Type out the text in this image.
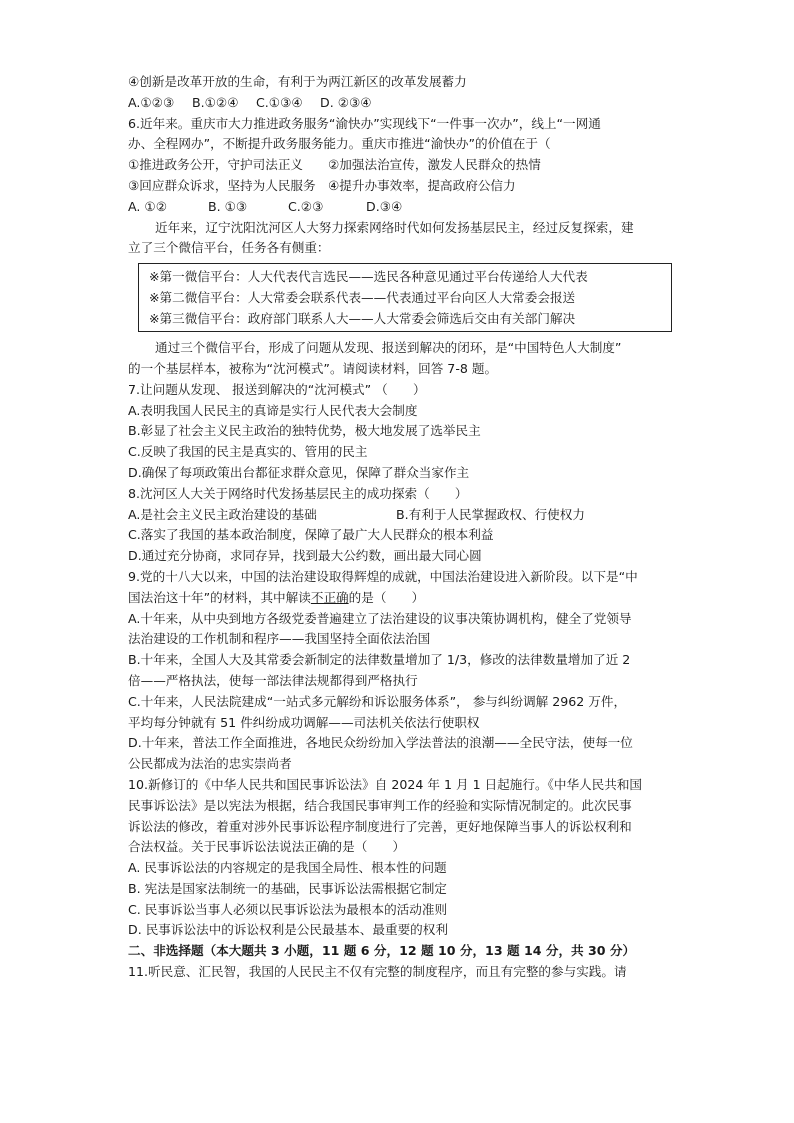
④创新是改革开放的生命，有利于为两江新区的改革发展蓄力
A.①②③	B.①②④	C.①③④	D. ②③④
6.近年来。重庆市大力推进政务服务“渝快办”实现线下“一件事一次办”，线上“一网通
办、全程网办”，不断提升政务服务能力。重庆市推进“渝快办”的价值在于（
①推进政务公开，守护司法正义	②加强法治宣传，激发人民群众的热情
③回应群众诉求，坚持为人民服务 ④提升办事效率，提高政府公信力
A. ①②	B. ①③	C.②③	D.③④
近年来，辽宁沈阳沈河区人大努力探索网络时代如何发扬基层民主，经过反复探索，建
立了三个微信平台，任务各有侧重：
※第一微信平台：人大代表代言选民——选民各种意见通过平台传递给人大代表
※第二微信平台：人大常委会联系代表——代表通过平台向区人大常委会报送
※第三微信平台：政府部门联系人大——人大常委会筛选后交由有关部门解决
通过三个微信平台，形成了问题从发现、报送到解决的闭环，是“中国特色人大制度”
的一个基层样本，被称为“沈河模式”。请阅读材料，回答 7-8 题。
7.让问题从发现、 报送到解决的“沈河模式” （　　）
A.表明我国人民民主的真谛是实行人民代表大会制度
B.彰显了社会主义民主政治的独特优势，极大地发展了选举民主
C.反映了我国的民主是真实的、管用的民主
D.确保了每项政策出台都征求群众意见，保障了群众当家作主
8.沈河区人大关于网络时代发扬基层民主的成功探索（　　）
A.是社会主义民主政治建设的基础	B.有利于人民掌握政权、行使权力
C.落实了我国的基本政治制度，保障了最广大人民群众的根本利益
D.通过充分协商，求同存异，找到最大公约数，画出最大同心圆
9.党的十八大以来，中国的法治建设取得辉煌的成就，中国法治建设进入新阶段。以下是“中
国法治这十年”的材料，其中解读不正确的是（　　）
A.十年来，从中央到地方各级党委普遍建立了法治建设的议事决策协调机构，健全了党领导
法治建设的工作机制和程序——我国坚持全面依法治国
B.十年来，全国人大及其常委会新制定的法律数量增加了 1/3，修改的法律数量增加了近 2
倍——严格执法，使每一部法律法规都得到严格执行
C.十年来，人民法院建成“一站式多元解纷和诉讼服务体系”， 参与纠纷调解 2962 万件，
平均每分钟就有 51 件纠纷成功调解——司法机关依法行使职权
D.十年来，普法工作全面推进，各地民众纷纷加入学法普法的浪潮——全民守法，使每一位
公民都成为法治的忠实崇尚者
10.新修订的《中华人民共和国民事诉讼法》自 2024 年 1 月 1 日起施行。《中华人民共和国
民事诉讼法》是以宪法为根据，结合我国民事审判工作的经验和实际情况制定的。此次民事
诉讼法的修改，着重对涉外民事诉讼程序制度进行了完善，更好地保障当事人的诉讼权利和
合法权益。关于民事诉讼法说法正确的是（　　）
A. 民事诉讼法的内容规定的是我国全局性、根本性的问题
B. 宪法是国家法制统一的基础，民事诉讼法需根据它制定
C. 民事诉讼当事人必须以民事诉讼法为最根本的活动准则
D. 民事诉讼法中的诉讼权利是公民最基本、最重要的权利
二、非选择题（本大题共 3 小题，11 题 6 分，12 题 10 分，13 题 14 分，共 30 分）
11.听民意、汇民智，我国的人民民主不仅有完整的制度程序，而且有完整的参与实践。请
